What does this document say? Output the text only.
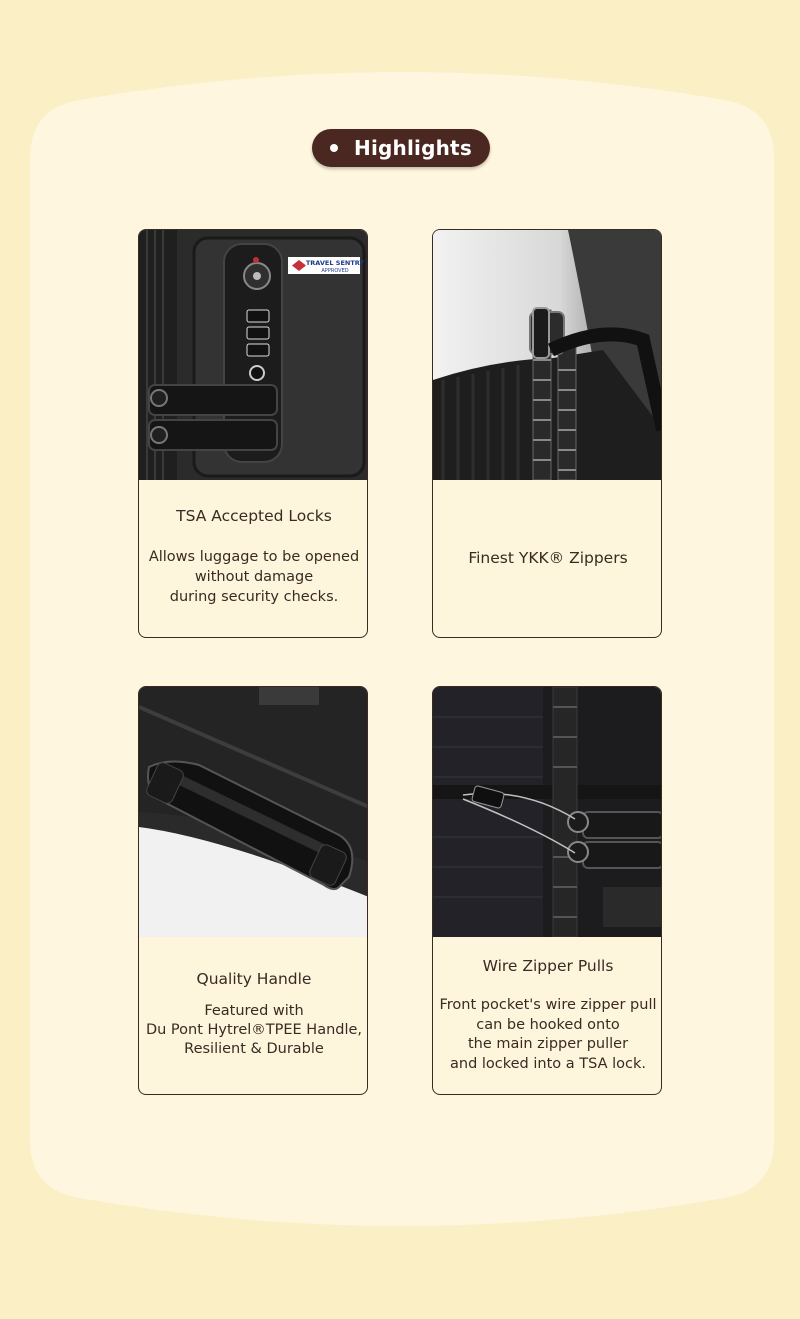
Highlights
TRAVEL SENTRY
APPROVED
TSA Accepted Locks
Allows luggage to be opened
without damage
during security checks.
Finest YKK® Zippers
Quality Handle
Featured with
Du Pont Hytrel®TPEE Handle,
Resilient & Durable
Wire Zipper Pulls
Front pocket's wire zipper pull
can be hooked onto
the main zipper puller
and locked into a TSA lock.
